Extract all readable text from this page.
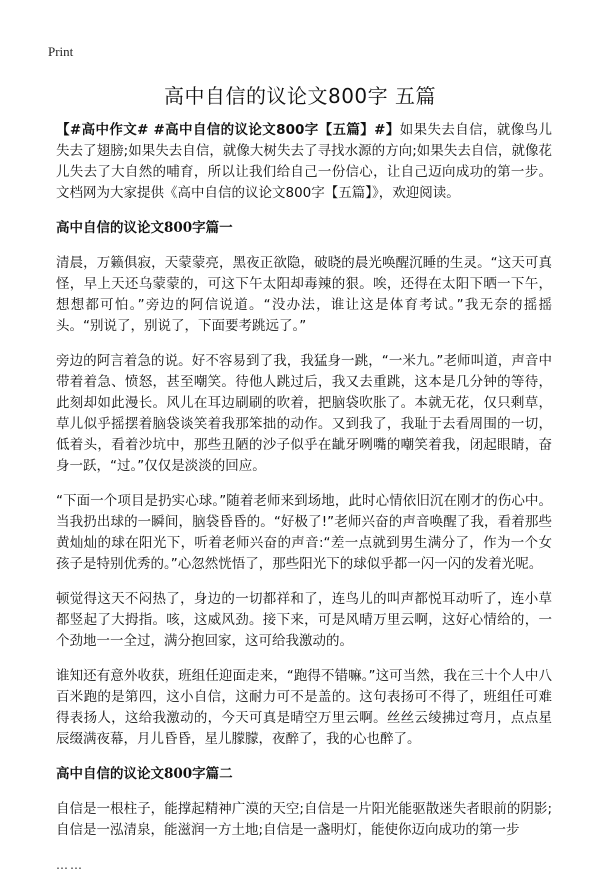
Print
高中自信的议论文800字 五篇

【#高中作文# #高中自信的议论文800字【五篇】#】如果失去自信，就像鸟儿失去了翅膀;如果失去自信，就像大树失去了寻找水源的方向;如果失去自信，就像花儿失去了大自然的哺育，所以让我们给自己一份信心，让自己迈向成功的第一步。文档网为大家提供《高中自信的议论文800字【五篇】》，欢迎阅读。

高中自信的议论文800字篇一

清晨，万籁俱寂，天蒙蒙亮，黑夜正欲隐，破晓的晨光唤醒沉睡的生灵。“这天可真怪，早上天还乌蒙蒙的，可这下午太阳却毒辣的狠。唉，还得在太阳下晒一下午，想想都可怕。”旁边的阿信说道。“没办法，谁让这是体育考试。”我无奈的摇摇头。“别说了，别说了，下面要考跳远了。”

旁边的阿言着急的说。好不容易到了我，我猛身一跳，“一米九。”老师叫道，声音中带着着急、愤怒，甚至嘲笑。待他人跳过后，我又去重跳，这本是几分钟的等待，此刻却如此漫长。风儿在耳边刷刷的吹着，把脑袋吹胀了。本就无花，仅只剩草，草儿似乎摇摆着脑袋谈笑着我那笨拙的动作。又到我了，我耻于去看周围的一切，低着头，看着沙坑中，那些丑陋的沙子似乎在龇牙咧嘴的嘲笑着我，闭起眼睛，奋身一跃，“过。”仅仅是淡淡的回应。

“下面一个项目是扔实心球。”随着老师来到场地，此时心情依旧沉在刚才的伤心中。当我扔出球的一瞬间，脑袋昏昏的。“好极了!”老师兴奋的声音唤醒了我，看着那些黄灿灿的球在阳光下，听着老师兴奋的声音:“差一点就到男生满分了，作为一个女孩子是特别优秀的。”心忽然恍悟了，那些阳光下的球似乎都一闪一闪的发着光呢。

顿觉得这天不闷热了，身边的一切都祥和了，连鸟儿的叫声都悦耳动听了，连小草都竖起了大拇指。咳，这威风劲。接下来，可是风晴万里云啊，这好心情给的，一个劲地一一全过，满分抱回家，这可给我激动的。

谁知还有意外收获，班组任迎面走来，“跑得不错嘛。”这可当然，我在三十个人中八百米跑的是第四，这小自信，这耐力可不是盖的。这句表扬可不得了，班组任可难得表扬人，这给我激动的，今天可真是晴空万里云啊。丝丝云绫拂过弯月，点点星辰缀满夜幕，月儿昏昏，星儿朦朦，夜醉了，我的心也醉了。

高中自信的议论文800字篇二

自信是一根柱子，能撑起精神广漠的天空;自信是一片阳光能驱散迷失者眼前的阴影;自信是一泓清泉，能滋润一方土地;自信是一盏明灯，能使你迈向成功的第一步

……
